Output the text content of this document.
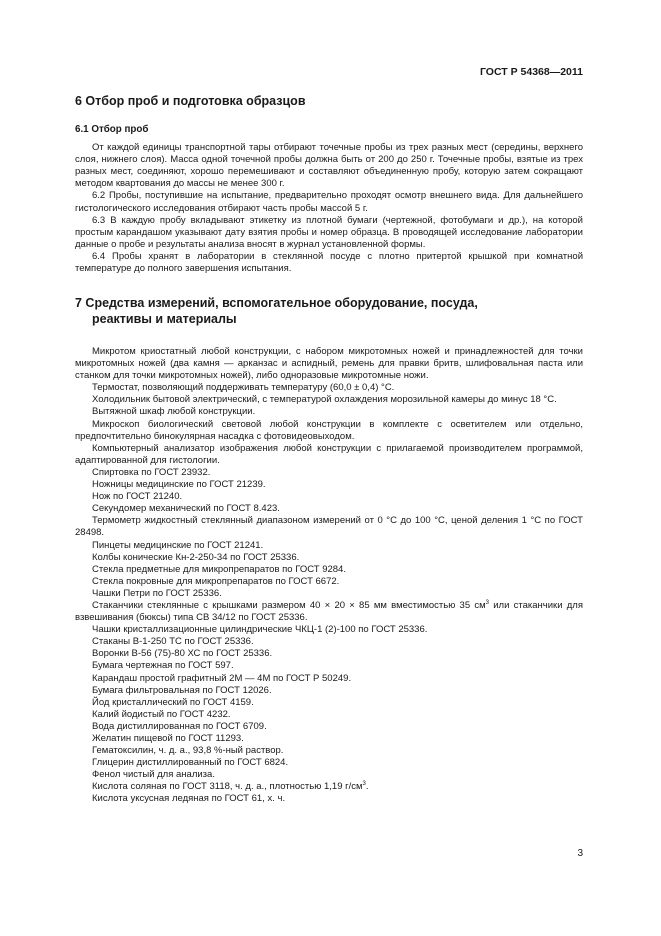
ГОСТ Р 54368—2011
6 Отбор проб и подготовка образцов
6.1 Отбор проб

От каждой единицы транспортной тары отбирают точечные пробы из трех разных мест (середины, верхнего слоя, нижнего слоя). Масса одной точечной пробы должна быть от 200 до 250 г. Точечные пробы, взятые из трех разных мест, соединяют, хорошо перемешивают и составляют объединенную пробу, которую затем сокращают методом квартования до массы не менее 300 г.

6.2 Пробы, поступившие на испытание, предварительно проходят осмотр внешнего вида. Для дальнейшего гистологического исследования отбирают часть пробы массой 5 г.

6.3 В каждую пробу вкладывают этикетку из плотной бумаги (чертежной, фотобумаги и др.), на которой простым карандашом указывают дату взятия пробы и номер образца. В проводящей исследование лаборатории данные о пробе и результаты анализа вносят в журнал установленной формы.

6.4 Пробы хранят в лаборатории в стеклянной посуде с плотно притертой крышкой при комнатной температуре до полного завершения испытания.

7 Средства измерений, вспомогательное оборудование, посуда,
реактивы и материалы

Микротом криостатный любой конструкции, с набором микротомных ножей и принадлежностей для точки микротомных ножей (два камня — арканзас и аспидный, ремень для правки бритв, шлифовальная паста или станком для точки микротомных ножей), либо одноразовые микротомные ножи.

Термостат, позволяющий поддерживать температуру (60,0 ± 0,4) °С.

Холодильник бытовой электрический, с температурой охлаждения морозильной камеры до минус 18 °С.

Вытяжной шкаф любой конструкции.

Микроскоп биологический световой любой конструкции в комплекте с осветителем или отдельно, предпочтительно бинокулярная насадка с фотовидеовыходом.

Компьютерный анализатор изображения любой конструкции с прилагаемой производителем программой, адаптированной для гистологии.

Спиртовка по ГОСТ 23932.

Ножницы медицинские по ГОСТ 21239.

Нож по ГОСТ 21240.

Секундомер механический по ГОСТ 8.423.

Термометр жидкостный стеклянный диапазоном измерений от 0 °С до 100 °С, ценой деления 1 °С по ГОСТ 28498.

Пинцеты медицинские по ГОСТ 21241.

Колбы конические Кн-2-250-34 по ГОСТ 25336.

Стекла предметные для микропрепаратов по ГОСТ 9284.

Стекла покровные для микропрепаратов по ГОСТ 6672.

Чашки Петри по ГОСТ 25336.

Стаканчики стеклянные с крышками размером 40 × 20 × 85 мм вместимостью 35 $см^3$ или стаканчики для взвешивания (бюксы) типа СВ 34/12 по ГОСТ 25336.

Чашки кристаллизационные цилиндрические ЧКЦ-1 (2)-100 по ГОСТ 25336.

Стаканы В-1-250 ТС по ГОСТ 25336.

Воронки В-56 (75)-80 ХС по ГОСТ 25336.

Бумага чертежная по ГОСТ 597.

Карандаш простой графитный 2М — 4М по ГОСТ Р 50249.

Бумага фильтровальная по ГОСТ 12026.

Йод кристаллический по ГОСТ 4159.

Калий йодистый по ГОСТ 4232.

Вода дистиллированная по ГОСТ 6709.

Желатин пищевой по ГОСТ 11293.

Гематоксилин, ч. д. а., 93,8 %-ный раствор.

Глицерин дистиллированный по ГОСТ 6824.

Фенол чистый для анализа.

Кислота соляная по ГОСТ 3118, ч. д. а., плотностью 1,19 $г/см^3$.

Кислота уксусная ледяная по ГОСТ 61, х. ч.

3
